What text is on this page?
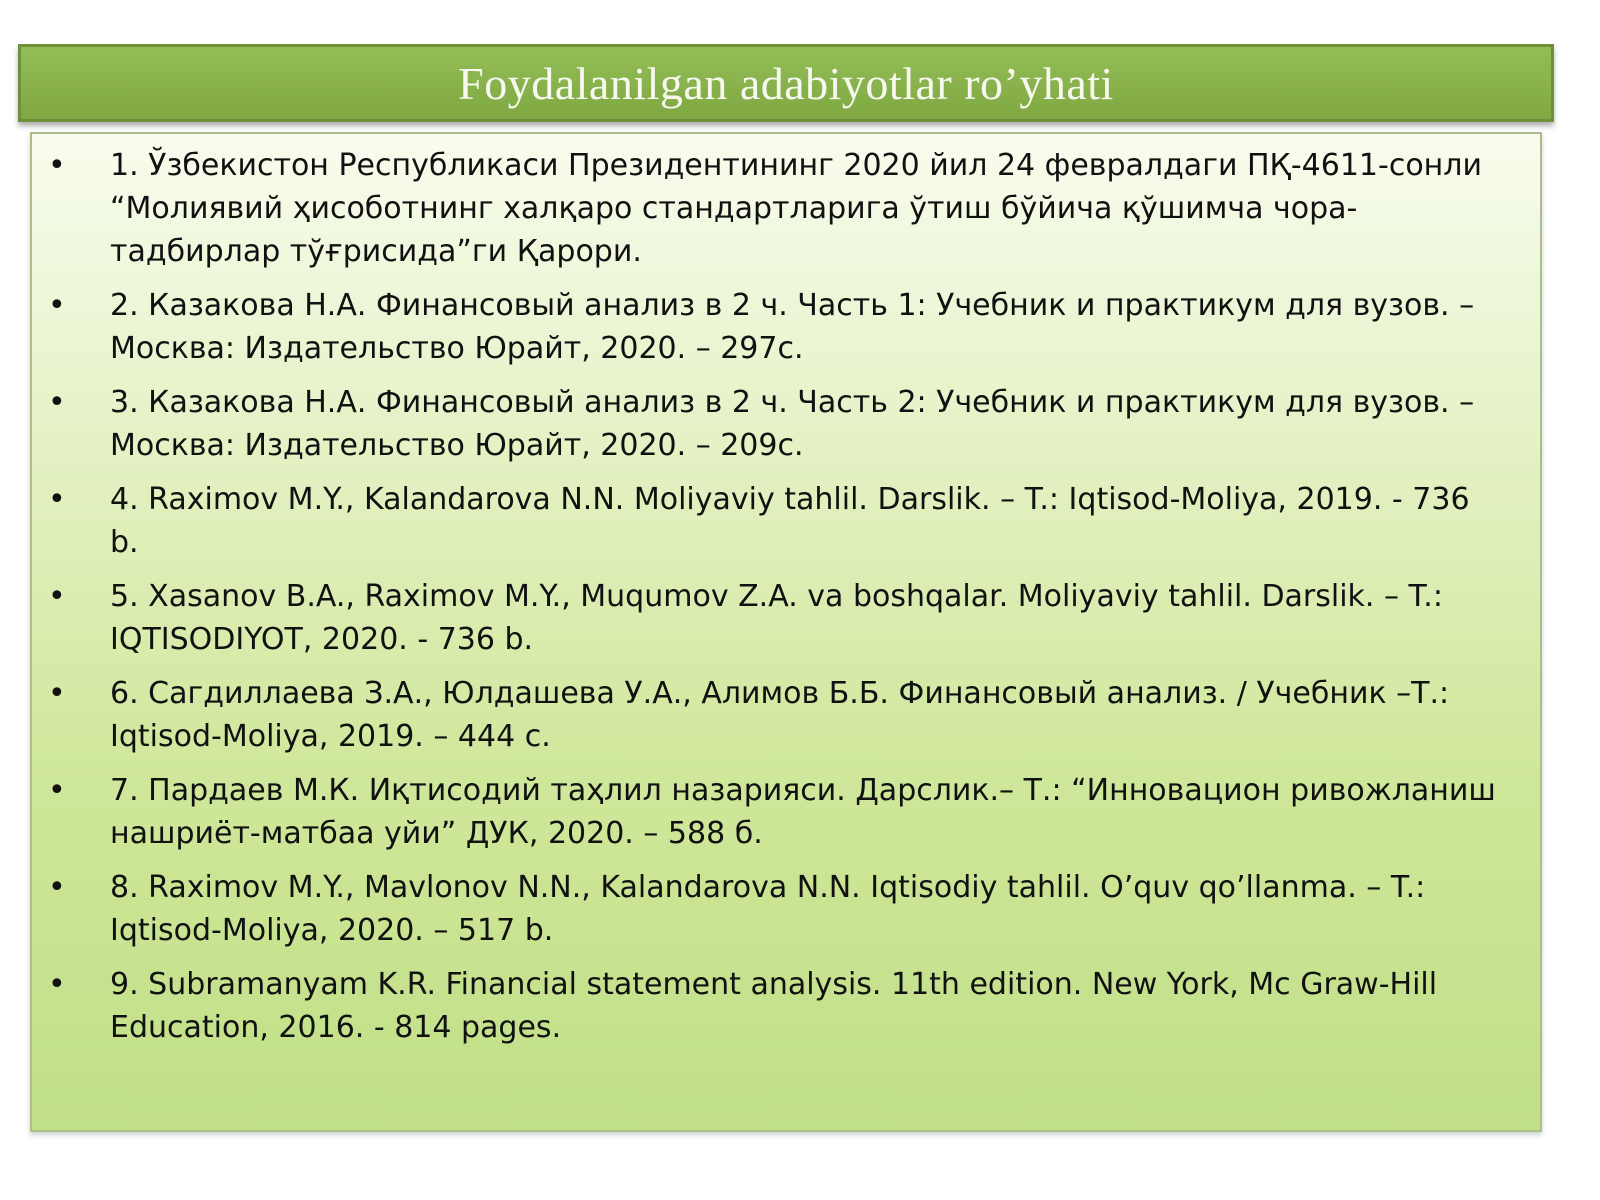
Foydalanilgan adabiyotlar ro’yhati
• 1. Ўзбекистон Республикаси Президентининг 2020 йил 24 февралдаги ПҚ-4611-сонли “Молиявий ҳисоботнинг халқаро стандартларига ўтиш бўйича қўшимча чора-тадбирлар тўғрисида”ги Қарори.
• 2. Казакова Н.А. Финансовый анализ в 2 ч. Часть 1: Учебник и практикум для вузов. – Москва: Издательство Юрайт, 2020. – 297с.
• 3. Казакова Н.А. Финансовый анализ в 2 ч. Часть 2: Учебник и практикум для вузов. – Москва: Издательство Юрайт, 2020. – 209с.
• 4. Raximov M.Y., Kalandarova N.N. Moliyaviy tahlil. Darslik. – T.: Iqtisod-Moliya, 2019. - 736 b.
• 5. Xasanov B.A., Raximov M.Y., Muqumov Z.A. va boshqalar. Moliyaviy tahlil. Darslik. – T.: IQTISODIYOT, 2020. - 736 b.
• 6. Сагдиллаева З.А., Юлдашева У.А., Алимов Б.Б. Финансовый анализ. / Учебник –Т.: Iqtisod-Moliya, 2019. – 444 с.
• 7. Пардаев М.К. Иқтисодий таҳлил назарияси. Дарслик.– Т.: “Инновацион ривожланиш нашриёт-матбаа уйи” ДУК, 2020. – 588 б.
• 8. Raximov M.Y., Mavlonov N.N., Kalandarova N.N. Iqtisodiy tahlil. O’quv qo’llanma. – T.: Iqtisod-Moliya, 2020. – 517 b.
• 9. Subramanyam K.R. Financial statement analysis. 11th edition. New York, Mc Graw-Hill Education, 2016. - 814 pages.
